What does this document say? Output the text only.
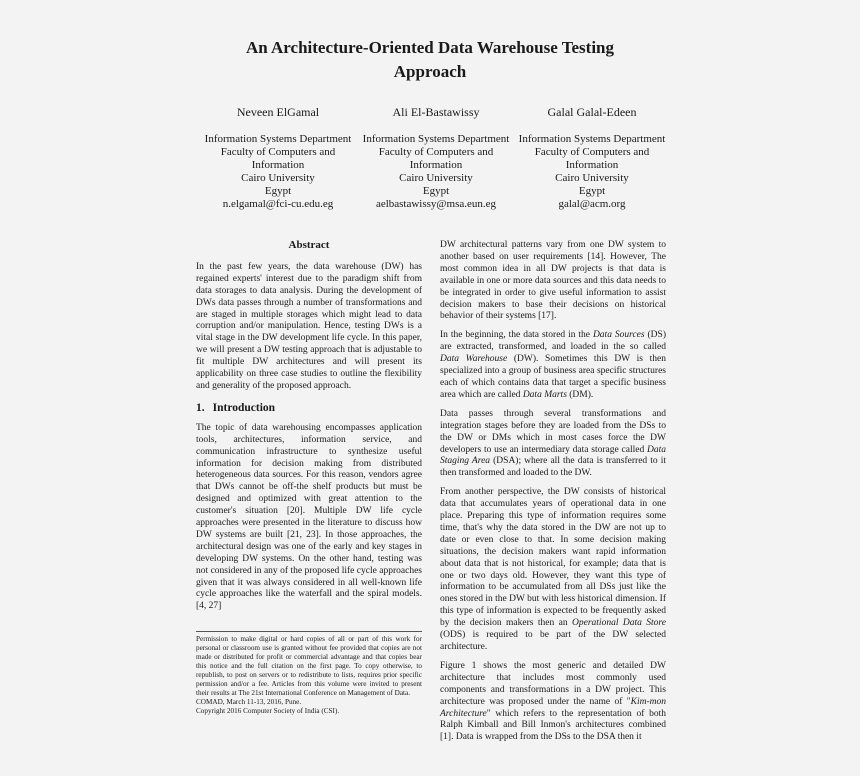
An Architecture-Oriented Data Warehouse Testing
Approach
Neveen ElGamal
Information Systems Department
Faculty of Computers and
Information
Cairo University
Egypt
n.elgamal@fci-cu.edu.eg
Ali El-Bastawissy
Information Systems Department
Faculty of Computers and
Information
Cairo University
Egypt
aelbastawissy@msa.eun.eg
Galal Galal-Edeen
Information Systems Department
Faculty of Computers and
Information
Cairo University
Egypt
galal@acm.org
Abstract

In the past few years, the data warehouse (DW) has regained experts' interest due to the paradigm shift from data storages to data analysis. During the development of DWs data passes through a number of transformations and are staged in multiple storages which might lead to data corruption and/or manipulation. Hence, testing DWs is a vital stage in the DW development life cycle. In this paper, we will present a DW testing approach that is adjustable to fit multiple DW architectures and will present its applicability on three case studies to outline the flexibility and generality of the proposed approach.

1. Introduction

The topic of data warehousing encompasses application tools, architectures, information service, and communication infrastructure to synthesize useful information for decision making from distributed heterogeneous data sources. For this reason, vendors agree that DWs cannot be off-the shelf products but must be designed and optimized with great attention to the customer's situation [20]. Multiple DW life cycle approaches were presented in the literature to discuss how DW systems are built [21, 23]. In those approaches, the architectural design was one of the early and key stages in developing DW systems. On the other hand, testing was not considered in any of the proposed life cycle approaches given that it was always considered in all well-known life cycle approaches like the waterfall and the spiral models. [4, 27]

Permission to make digital or hard copies of all or part of this work for personal or classroom use is granted without fee provided that copies are not made or distributed for profit or commercial advantage and that copies bear this notice and the full citation on the first page. To copy otherwise, to republish, to post on servers or to redistribute to lists, requires prior specific permission and/or a fee. Articles from this volume were invited to present their results at The 21st International Conference on Management of Data.

COMAD, March 11-13, 2016, Pune.

Copyright 2016 Computer Society of India (CSI).

DW architectural patterns vary from one DW system to another based on user requirements [14]. However, The most common idea in all DW projects is that data is available in one or more data sources and this data needs to be integrated in order to give useful information to assist decision makers to base their decisions on historical behavior of their systems [17].

In the beginning, the data stored in the Data Sources (DS) are extracted, transformed, and loaded in the so called Data Warehouse (DW). Sometimes this DW is then specialized into a group of business area specific structures each of which contains data that target a specific business area which are called Data Marts (DM).

Data passes through several transformations and integration stages before they are loaded from the DSs to the DW or DMs which in most cases force the DW developers to use an intermediary data storage called Data Staging Area (DSA); where all the data is transferred to it then transformed and loaded to the DW.

From another perspective, the DW consists of historical data that accumulates years of operational data in one place. Preparing this type of information requires some time, that's why the data stored in the DW are not up to date or even close to that. In some decision making situations, the decision makers want rapid information about data that is not historical, for example; data that is one or two days old. However, they want this type of information to be accumulated from all DSs just like the ones stored in the DW but with less historical dimension. If this type of information is expected to be frequently asked by the decision makers then an Operational Data Store (ODS) is required to be part of the DW selected architecture.

Figure 1 shows the most generic and detailed DW architecture that includes most commonly used components and transformations in a DW project. This architecture was proposed under the name of "Kim-mon Architecture" which refers to the representation of both Ralph Kimball and Bill Inmon's architectures combined [1]. Data is wrapped from the DSs to the DSA then it
